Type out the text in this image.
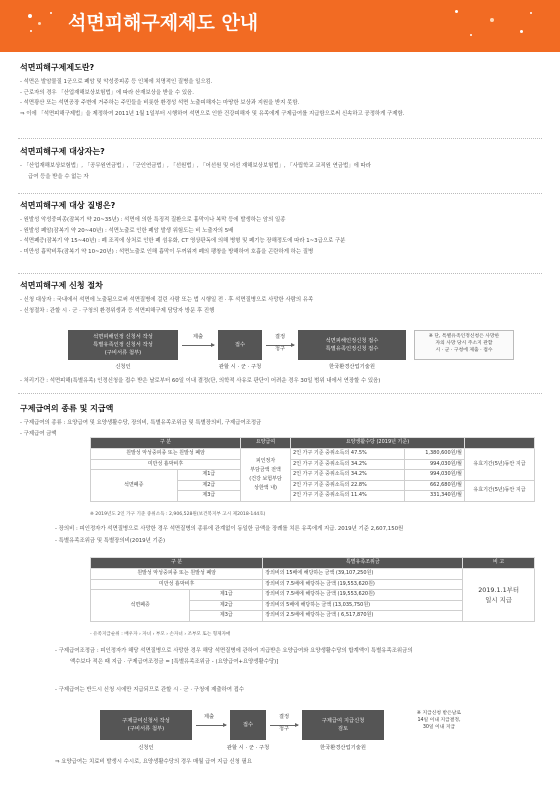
석면피해구제제도 안내
석면피해구제제도란?
- 석면은 발암물질 1군으로 폐암 및 악성중피종 등 인체에 치명적인 질병을 일으킴.
- 근로자의 경우 「산업재해보상보험법」에 따라 산재보상을 받을 수 있음.
- 석면광산 또는 석면공장 주변에 거주하는 주민들을 비롯한 환경성 석면 노출피해자는 마땅한 보상과 지원을 받지 못함.
⇒ 이에 「석면피해구제법」을 제정하여 2011년 1월 1일부터 시행하여 석면으로 인한 건강피해자 및 유족에게 구제급여를 지급함으로써 신속하고 공정하게 구제함.
석면피해구제 대상자는?
- 「산업재해보상보험법」, 「공무원연금법」, 「군인연금법」, 「선원법」, 「어선원 및 어선 재해보상보험법」, 「사립학교 교직원 연금법」에 따라
급여 등을 받을 수 없는 자
석면피해구제 대상 질병은?
- 원발성 악성중피종(잠복기 약 20~35년) : 석면에 의한 특징적 질환으로 흉막이나 복막 등에 발생하는 암의 일종
- 원발성 폐암(잠복기 약 20~40년) : 석면노출로 인한 폐암 발생 위험도는 비 노출자의 5배
- 석면폐증(잠복기 약 15~40년) : 폐 조직에 상처로 인한 폐 섬유화, CT 영상판독에 의해 병형 및 폐기능 장해정도에 따라 1~3급으로 구분
- 미만성 흉막비후(잠복기 약 10~20년) : 석면노출로 인해 흉막이 두꺼워져 폐의 팽창을 방해하여 호흡을 곤란하게 하는 질병
석면피해구제 신청 절차
- 신청 대상자 : 국내에서 석면에 노출됨으로써 석면질병에 걸린 사람 또는 법 시행일 전 · 후 석면질병으로 사망한 사람의 유족
- 신청절차 : 관할 시 · 군 · 구청의 환경위생과 등 석면피해구제 담당자 방문 후 진행
석면피해인정 신청서 작성
특별유족인정 신청서 작성
(구비서류 첨부)
제출
접수
결정
청구
석면피해인정신청 접수
특별유족인정신청 접수
※ 단, 특별유족인정신청은 사망한
자의 사망 당시 주소지 관할
시 · 군 · 구청에 제출 · 접수
신청인	관할 시 · 군 · 구청	한국환경산업기술원
- 처리기간 : 석면피해(특별유족) 인정신청을 접수 받은 날로부터 60일 이내 결정(단, 의학적 사유로 판단이 어려운 경우 30일 범위 내에서 연장할 수 있음)
구제급여의 종류 및 지급액
- 구제급여의 종류 : 요양급여 및 요양생활수당, 장의비, 특별유족조위금 및 특별장의비, 구제급여조정금
- 구제급여 금액
구 분		요양급여	요양생활수당 (2019년 기준)		
원발성 악성중피종 또는 원발성 폐암		피인정자
부담금액 전액
(건강 보험부담
상한액 내)	2인 가구 기준 중위소득의 47.5%	1,380,600원/월	유효기간(5년)동안 지급
미만성 흉막비후			2인 가구 기준 중위소득의 34.2%	994,030원/월	
석면폐증	제1급		2인 가구 기준 중위소득의 34.2%	994,030원/월	
	제2급		2인 가구 기준 중위소득의 22.8%	662,680원/월	유효기간(5년)동안 지급
	제3급		2인 가구 기준 중위소득의 11.4%	331,340원/월	
※ 2019년도 2인 가구 기준 중위소득 : 2,906,528원(보건복지부 고시 제2018-144호)
- 장의비 : 피인정자가 석면질병으로 사망한 경우 석면질병의 종류에 관계없이 동일한 금액을 장례를 치른 유족에게 지급. 2019년 기준 2,607,150원
- 특별유족조위금 및 특별장의비(2019년 기준)
구 분		특별유족조위금	비 고
원발성 악성중피종 또는 원발성 폐암		장의비의 15배에 해당하는 금액 (39,107,250원)	2019.1.1부터
일시 지급

미만성 흉막비후		장의비의 7.5배에 해당하는 금액 (19,553,620원)	
석면폐증	제1급	장의비의 7.5배에 해당하는 금액 (19,553,620원)	
	제2급	장의비의 5배에 해당하는 금액 (13,035,750원)	
	제3급	장의비의 2.5배에 해당하는 금액 ( 6,517,870원)	
- 유족지급순위 : 배우자 › 자녀 › 부모 › 손자녀 › 조부모 또는 형제자매
- 구제급여조정금 : 피인정자가 해당 석면질병으로 사망한 경우 해당 석면질병에 관하여 지급받은 요양급여와 요양생활수당의 합계액이 특별유족조위금의
액수보다 적은 때 지급 · 구제급여조정금 = [특별유족조위금 - (요양급여+요양생활수당)]
- 구제급여는 반드시 신청 시에만 지급되므로 관할 시 · 군 · 구청에 제출하여 접수
구제급여신청서 작성
(구비서류 첨부)
제출
접수
결정
청구
구제급여 지급신청
검토
※ 지급신청 받은날로
14일 이내 지급결정,
30일 이내 지급
신청인	관할 시 · 군 · 구청	한국환경산업기술원
⇒ 요양급여는 치료비 발생시 수시로, 요양생활수당의 경우 매월 급여 지급 신청 필요
